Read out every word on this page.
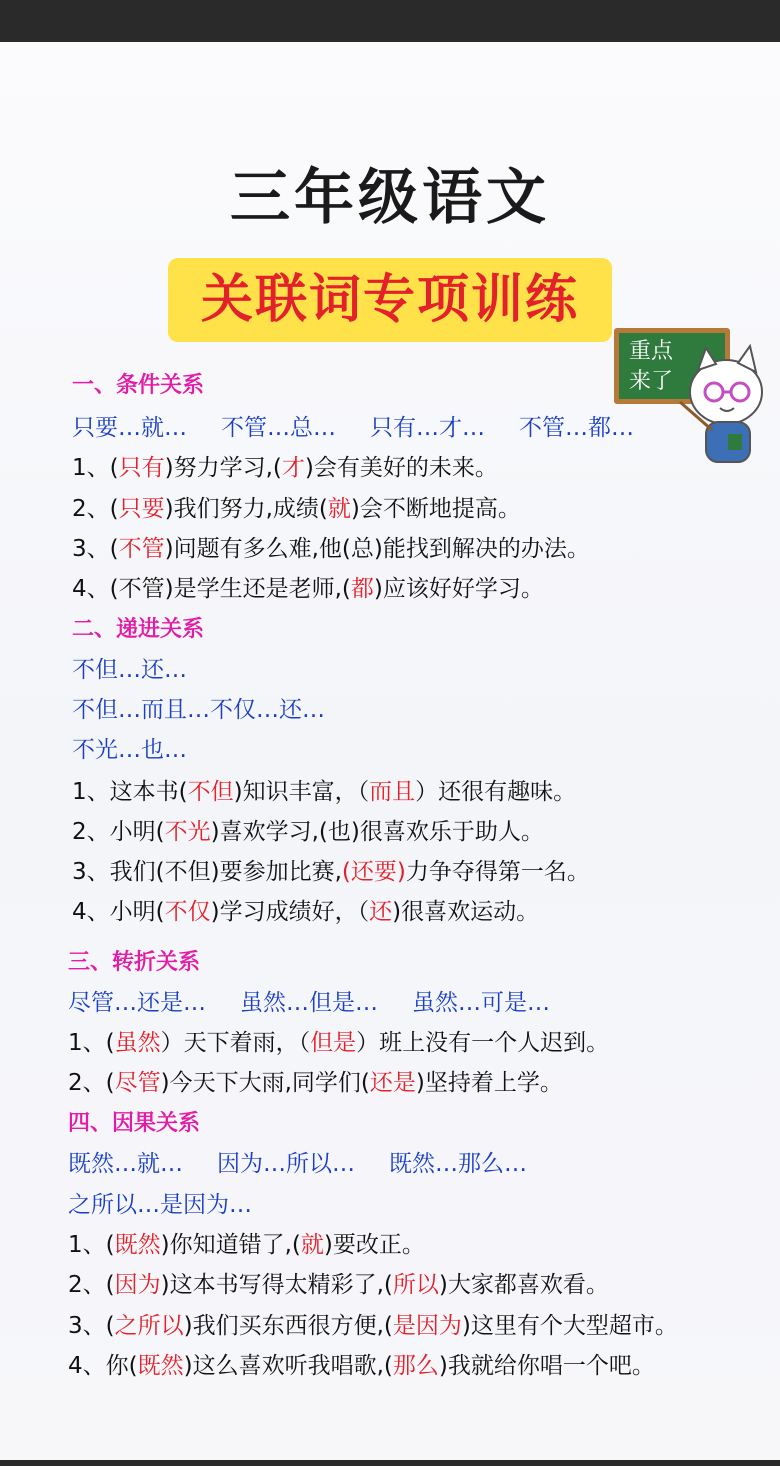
三年级语文
关联词专项训练
重点
来了
一、条件关系
只要…就… 不管…总… 只有…才… 不管…都…
1、(只有)努力学习,(才)会有美好的未来。
2、(只要)我们努力,成绩(就)会不断地提高。
3、(不管)问题有多么难,他(总)能找到解决的办法。
4、(不管)是学生还是老师,(都)应该好好学习。
二、递进关系
不但…还…
不但…而且…不仅…还…
不光…也…
1、这本书(不但)知识丰富，（而且）还很有趣味。
2、小明(不光)喜欢学习,(也)很喜欢乐于助人。
3、我们(不但)要参加比赛,(还要)力争夺得第一名。
4、小明(不仅)学习成绩好，（还)很喜欢运动。
三、转折关系
尽管…还是… 虽然…但是… 虽然…可是…
1、(虽然）天下着雨，（但是）班上没有一个人迟到。
2、(尽管)今天下大雨,同学们(还是)坚持着上学。
四、因果关系
既然…就… 因为…所以… 既然…那么…
之所以…是因为…
1、(既然)你知道错了,(就)要改正。
2、(因为)这本书写得太精彩了,(所以)大家都喜欢看。
3、(之所以)我们买东西很方便,(是因为)这里有个大型超市。
4、你(既然)这么喜欢听我唱歌,(那么)我就给你唱一个吧。
